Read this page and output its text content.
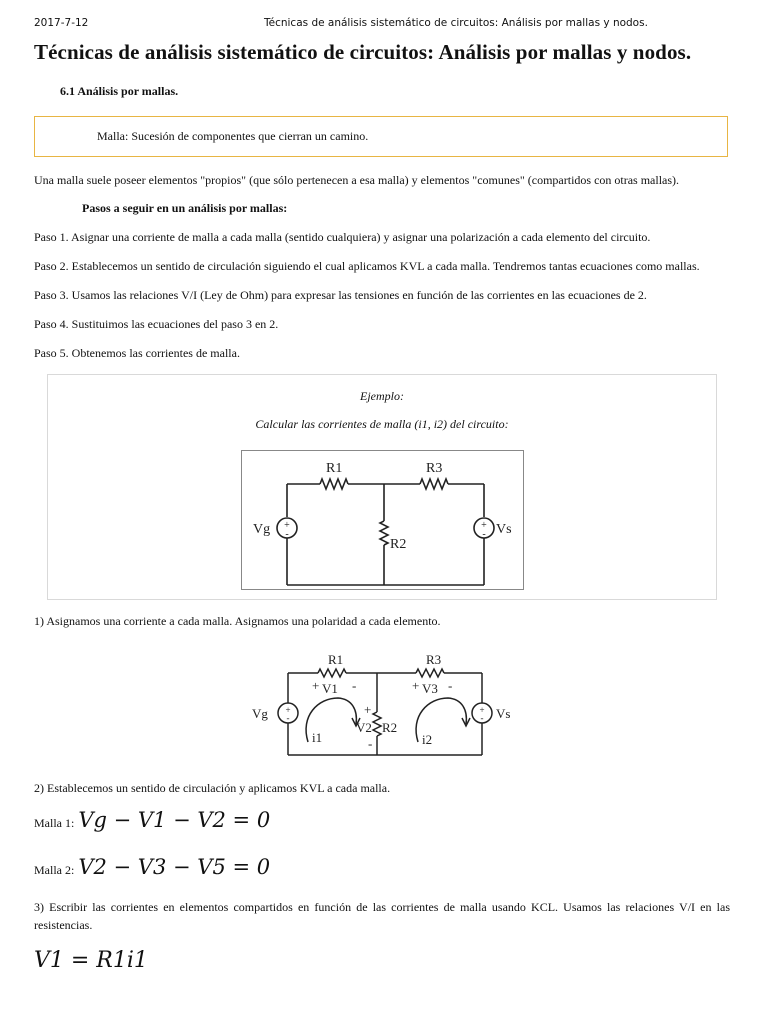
2017-7-12	Técnicas de análisis sistemático de circuitos: Análisis por mallas y nodos.
Técnicas de análisis sistemático de circuitos: Análisis por mallas y nodos.
6.1 Análisis por mallas.
Malla: Sucesión de componentes que cierran un camino.
Una malla suele poseer elementos "propios" (que sólo pertenecen a esa malla) y elementos "comunes" (compartidos con otras mallas).
Pasos a seguir en un análisis por mallas:
Paso 1. Asignar una corriente de malla a cada malla (sentido cualquiera) y asignar una polarización a cada elemento del circuito.
Paso 2. Establecemos un sentido de circulación siguiendo el cual aplicamos KVL a cada malla. Tendremos tantas ecuaciones como mallas.
Paso 3. Usamos las relaciones V/I (Ley de Ohm) para expresar las tensiones en función de las corrientes en las ecuaciones de 2.
Paso 4. Sustituimos las ecuaciones del paso 3 en 2.
Paso 5. Obtenemos las corrientes de malla.
Ejemplo:
Calcular las corrientes de malla (i1, i2) del circuito:
+
-
+
-
R1	R3
R2
Vg	Vs
1) Asignamos una corriente a cada malla. Asignamos una polaridad a cada elemento.
+
-
+
-
R1	R3
+ V1 -	+ V3 -
+
V2
-
R2
Vg	Vs
i1	i2
2) Establecemos un sentido de circulación y aplicamos KVL a cada malla.
Malla 1: Vg − V1 − V2 = 0
Malla 2: V2 − V3 − V5 = 0
3) Escribir las corrientes en elementos compartidos en función de las corrientes de malla usando KCL. Usamos las relaciones V/I en las resistencias.
V1 = R1i1
